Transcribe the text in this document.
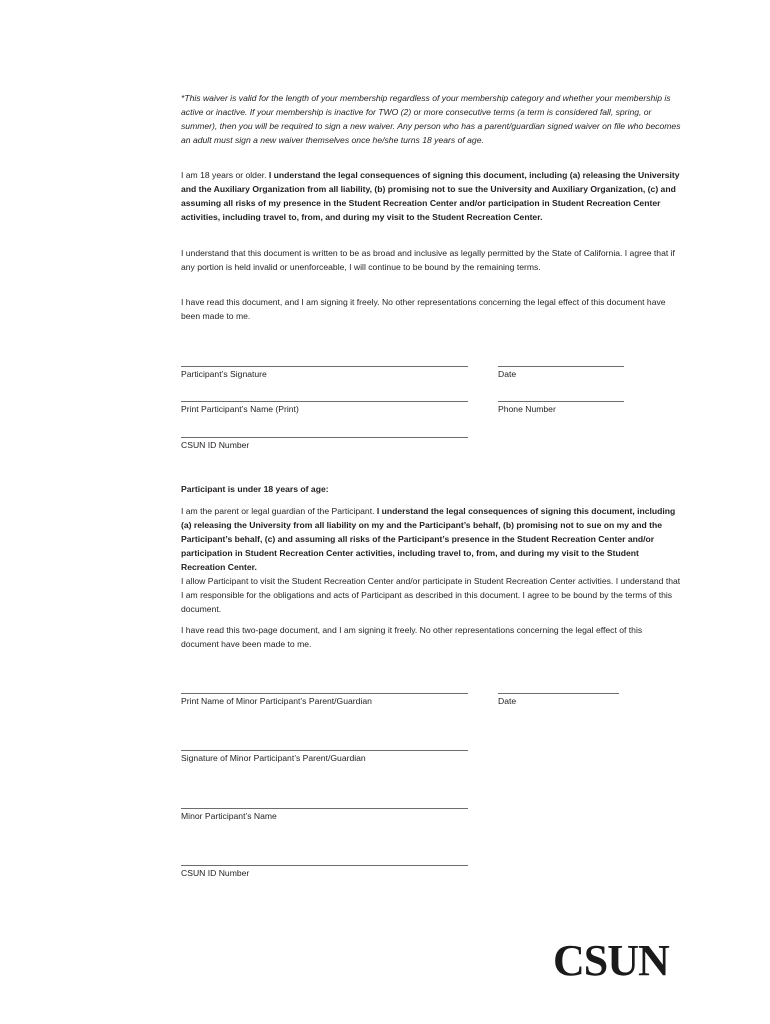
*This waiver is valid for the length of your membership regardless of your membership category and whether your membership is active or inactive. If your membership is inactive for TWO (2) or more consecutive terms (a term is considered fall, spring, or summer), then you will be required to sign a new waiver. Any person who has a parent/guardian signed waiver on file who becomes an adult must sign a new waiver themselves once he/she turns 18 years of age.

I am 18 years or older. I understand the legal consequences of signing this document, including (a) releasing the University and the Auxiliary Organization from all liability, (b) promising not to sue the University and Auxiliary Organization, (c) and assuming all risks of my presence in the Student Recreation Center and/or participation in Student Recreation Center activities, including travel to, from, and during my visit to the Student Recreation Center.

I understand that this document is written to be as broad and inclusive as legally permitted by the State of California. I agree that if any portion is held invalid or unenforceable, I will continue to be bound by the remaining terms.

I have read this document, and I am signing it freely. No other representations concerning the legal effect of this document have been made to me.

Participant’s Signature	Date
Print Participant’s Name (Print)	Phone Number
CSUN ID Number

Participant is under 18 years of age:

I am the parent or legal guardian of the Participant. I understand the legal consequences of signing this document, including (a) releasing the University from all liability on my and the Participant’s behalf, (b) promising not to sue on my and the Participant’s behalf, (c) and assuming all risks of the Participant’s presence in the Student Recreation Center and/or participation in Student Recreation Center activities, including travel to, from, and during my visit to the Student Recreation Center.
I allow Participant to visit the Student Recreation Center and/or participate in Student Recreation Center activities. I understand that I am responsible for the obligations and acts of Participant as described in this document. I agree to be bound by the terms of this document.

I have read this two-page document, and I am signing it freely. No other representations concerning the legal effect of this document have been made to me.

Print Name of Minor Participant’s Parent/Guardian	Date
Signature of Minor Participant’s Parent/Guardian
Minor Participant’s Name
CSUN ID Number
CSUN
